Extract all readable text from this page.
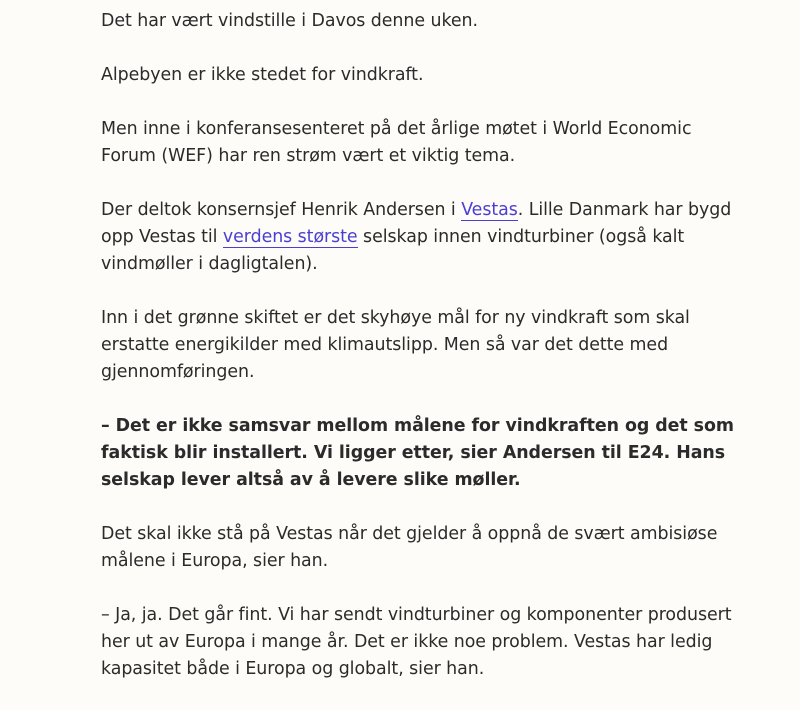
Det har vært vindstille i Davos denne uken.

Alpebyen er ikke stedet for vindkraft.

Men inne i konferansesenteret på det årlige møtet i World Economic Forum (WEF) har ren strøm vært et viktig tema.

Der deltok konsernsjef Henrik Andersen i Vestas. Lille Danmark har bygd opp Vestas til verdens største selskap innen vindturbiner (også kalt vindmøller i dagligtalen).

Inn i det grønne skiftet er det skyhøye mål for ny vindkraft som skal erstatte energikilder med klimautslipp. Men så var det dette med gjennomføringen.

– Det er ikke samsvar mellom målene for vindkraften og det som faktisk blir installert. Vi ligger etter, sier Andersen til E24. Hans selskap lever altså av å levere slike møller.

Det skal ikke stå på Vestas når det gjelder å oppnå de svært ambisiøse målene i Europa, sier han.

– Ja, ja. Det går fint. Vi har sendt vindturbiner og komponenter produsert her ut av Europa i mange år. Det er ikke noe problem. Vestas har ledig kapasitet både i Europa og globalt, sier han.
